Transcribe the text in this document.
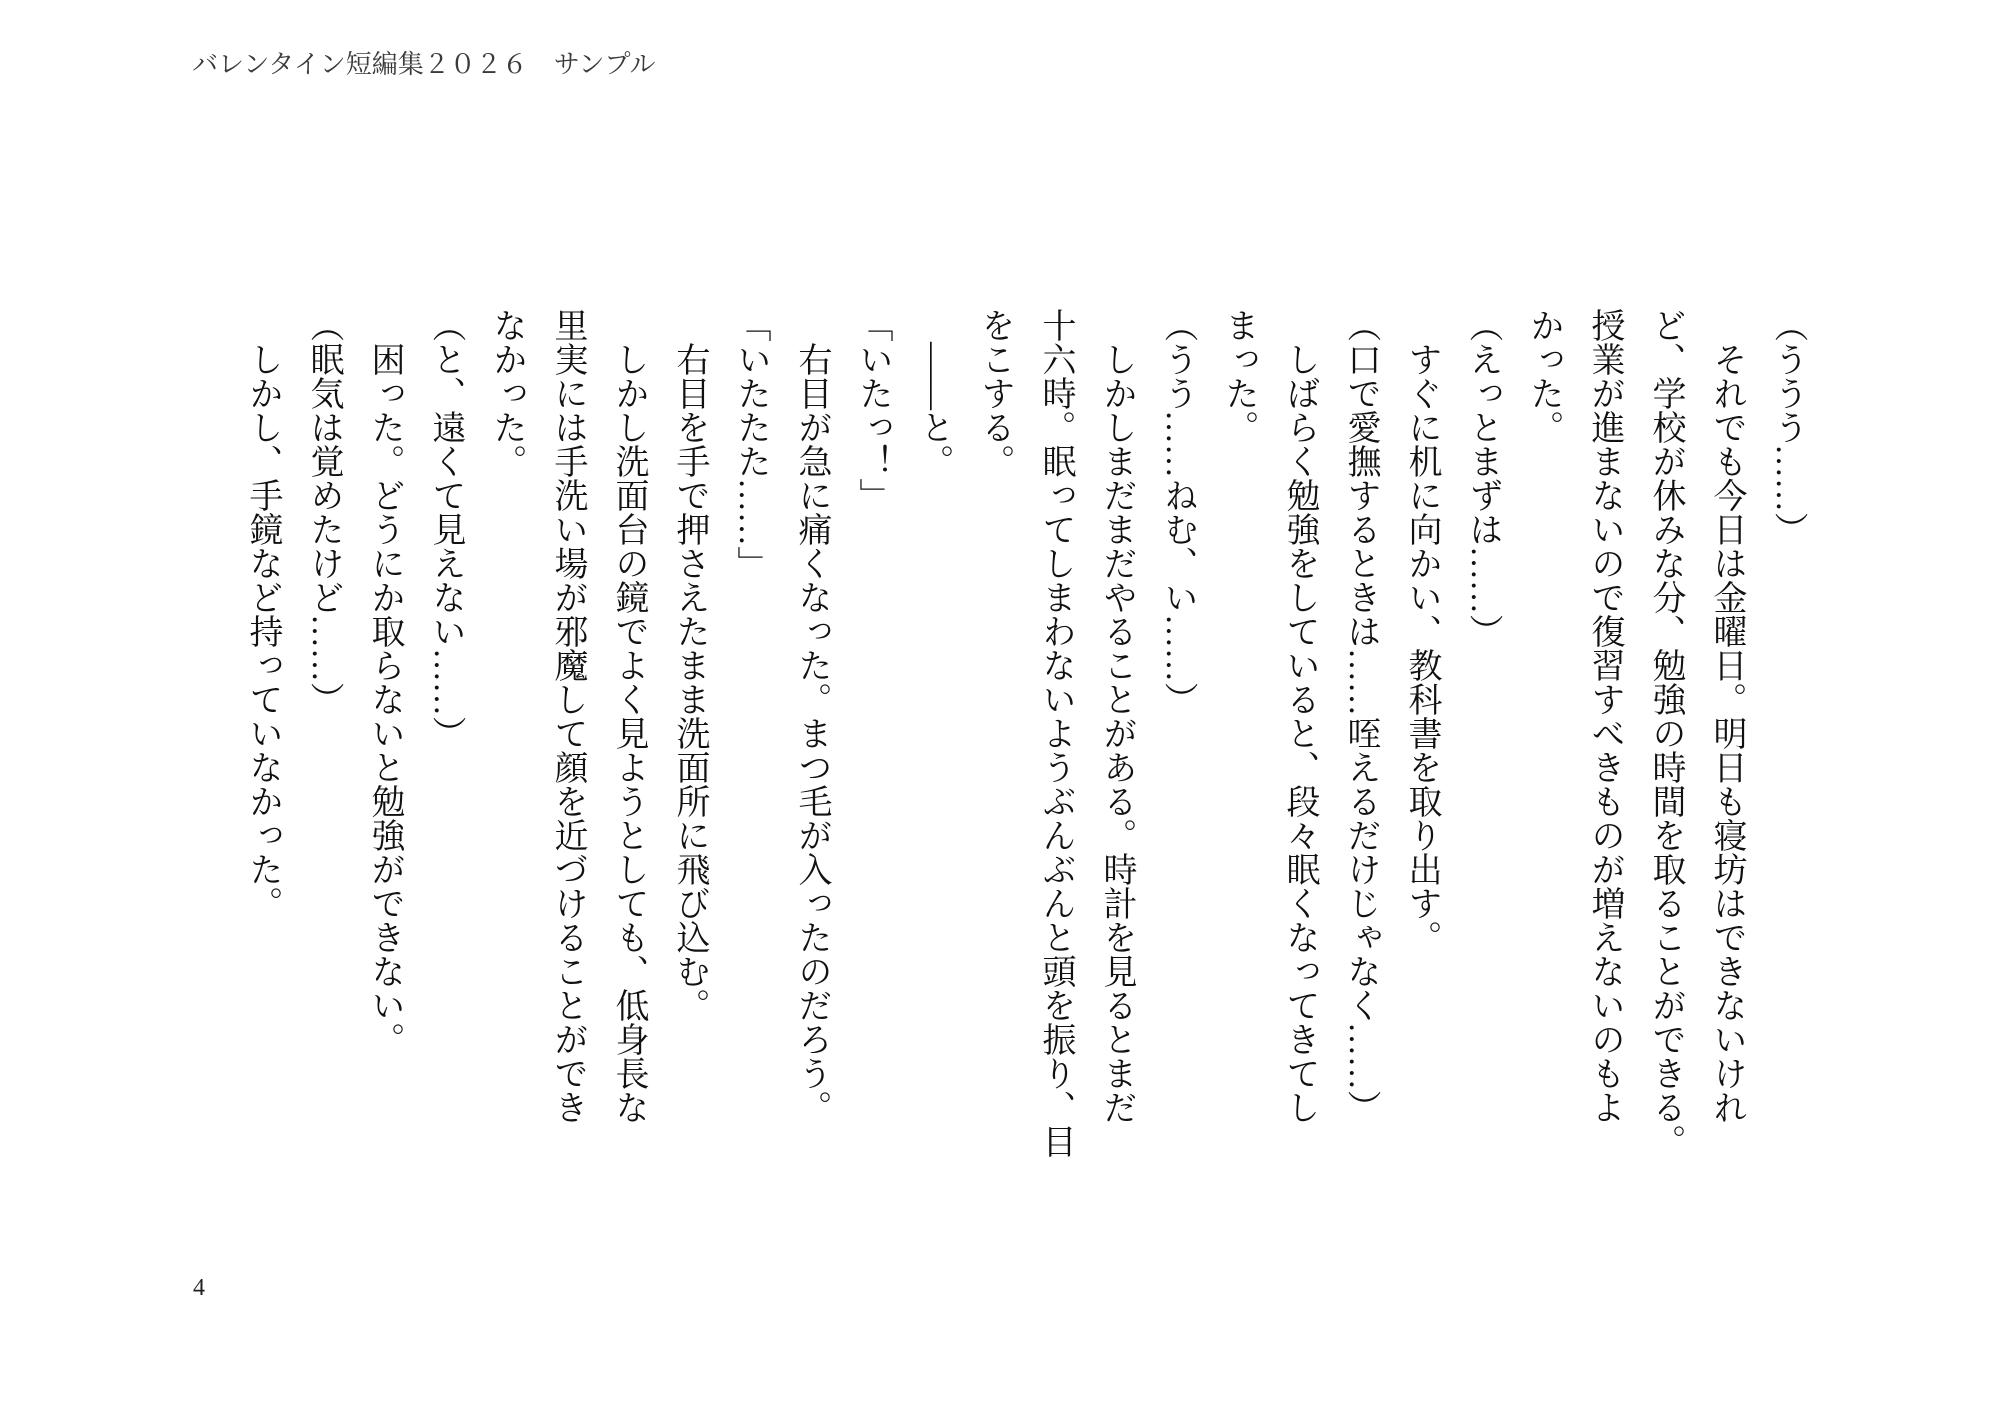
バレンタイン短編集２０２６　サンプル
（ううう……）
それでも今日は金曜日。明日も寝坊はできないけれ
ど、学校が休みな分、勉強の時間を取ることができる。
授業が進まないので復習すべきものが増えないのもよ
かった。
（えっとまずは……）
すぐに机に向かい、教科書を取り出す。
（口で愛撫するときは……咥えるだけじゃなく……）
しばらく勉強をしていると、段々眠くなってきてし
まった。
（うう……ねむ、い……）
しかしまだまだやることがある。時計を見るとまだ
十六時。眠ってしまわないようぶんぶんと頭を振り、目
をこする。
――と。
「いたっ！」
右目が急に痛くなった。まつ毛が入ったのだろう。
「いたたた……」
右目を手で押さえたまま洗面所に飛び込む。
しかし洗面台の鏡でよく見ようとしても、低身長な
里実には手洗い場が邪魔して顔を近づけることができ
なかった。
（と、遠くて見えない……）
困った。どうにか取らないと勉強ができない。
（眠気は覚めたけど……）
しかし、手鏡など持っていなかった。
4
